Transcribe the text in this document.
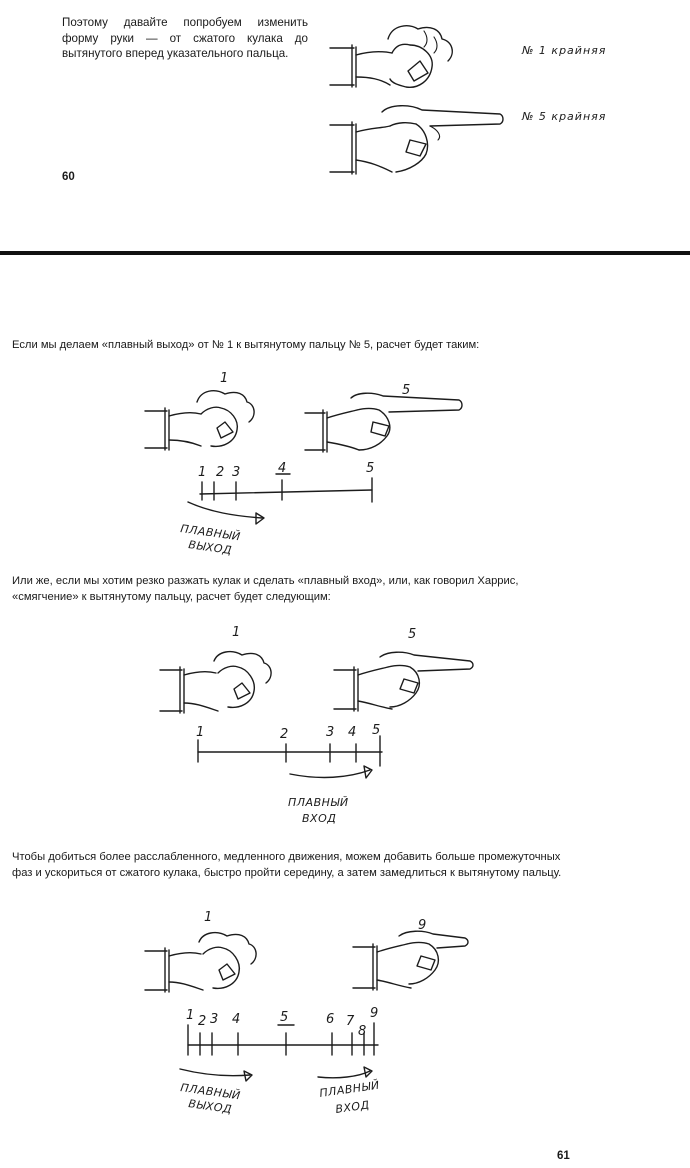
Поэтому давайте попробуем изменить форму руки — от сжатого кулака до вытянутого вперед указательного пальца.	№ 1 крайняя
№ 5 крайняя
60
Если мы делаем «плавный выход» от № 1 к вытянутому пальцу № 5, расчет будет таким:
1
5
1 2 3	4	5
ПЛАВНЫЙ
ВЫХОД
Или же, если мы хотим резко разжать кулак и сделать «плавный вход», или, как говорил Харрис, «смягчение» к вытянутому пальцу, расчет будет следующим:
1	5
1	2	3 4 5
ПЛАВНЫЙ
ВХОД
Чтобы добиться более расслабленного, медленного движения, можем добавить больше промежуточных фаз и ускориться от сжатого кулака, быстро пройти середину, а затем замедлиться к вытянутому пальцу.
1
9
1 2 3 4	5	6 7
8
9
ПЛАВНЫЙ
ВЫХОД
ПЛАВНЫЙ
ВХОД
61
